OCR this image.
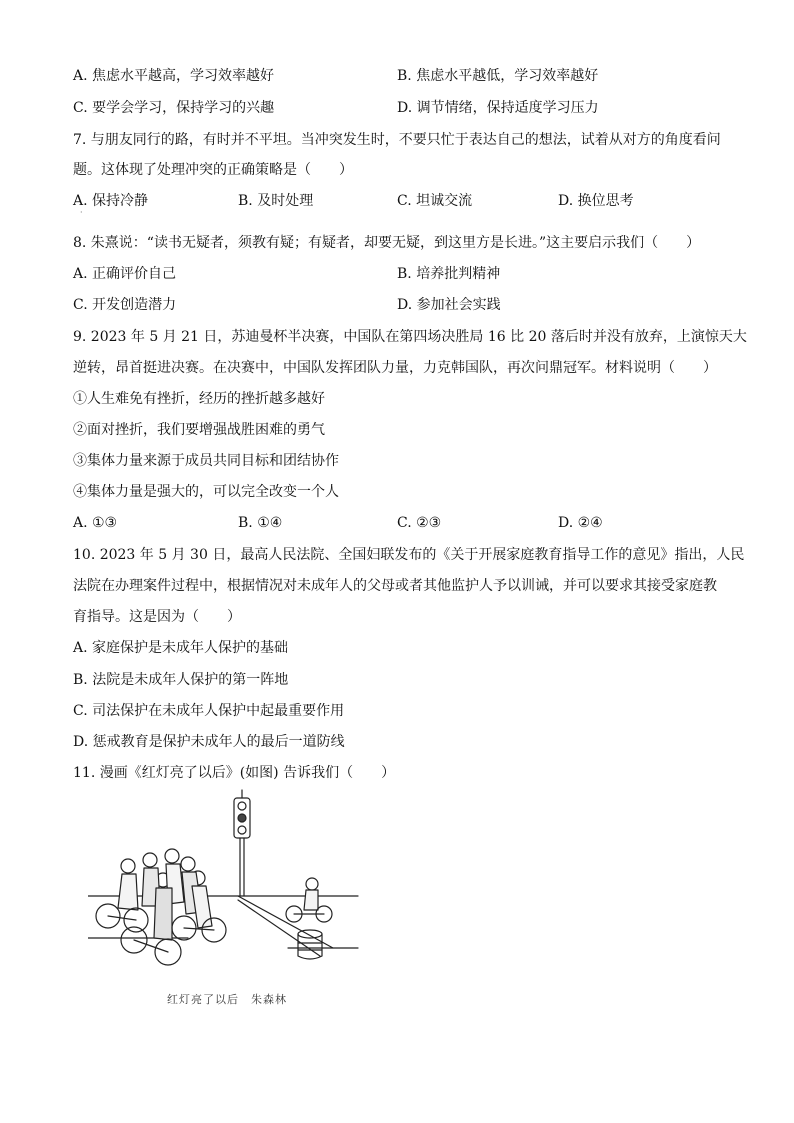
A. 焦虑水平越高，学习效率越好	B. 焦虑水平越低，学习效率越好
C. 要学会学习，保持学习的兴趣	D. 调节情绪，保持适度学习压力
7. 与朋友同行的路，有时并不平坦。当冲突发生时，不要只忙于表达自己的想法，试着从对方的角度看问
题。这体现了处理冲突的正确策略是（　　）
A. 保持冷静	B. 及时处理	C. 坦诚交流	D. 换位思考
·
8. 朱熹说：“读书无疑者，须教有疑；有疑者，却要无疑，到这里方是长进。”这主要启示我们（　　）
A. 正确评价自己	B. 培养批判精神
C. 开发创造潜力	D. 参加社会实践
9. 2023 年 5 月 21 日，苏迪曼杯半决赛，中国队在第四场决胜局 16 比 20 落后时并没有放弃，上演惊天大
逆转，昂首挺进决赛。在决赛中，中国队发挥团队力量，力克韩国队，再次问鼎冠军。材料说明（　　）
①人生难免有挫折，经历的挫折越多越好
②面对挫折，我们要增强战胜困难的勇气
③集体力量来源于成员共同目标和团结协作
④集体力量是强大的，可以完全改变一个人
A. ①③	B. ①④	C. ②③	D. ②④
10. 2023 年 5 月 30 日，最高人民法院、全国妇联发布的《关于开展家庭教育指导工作的意见》指出，人民
法院在办理案件过程中，根据情况对未成年人的父母或者其他监护人予以训诫，并可以要求其接受家庭教
育指导。这是因为（　　）
A. 家庭保护是未成年人保护的基础
B. 法院是未成年人保护的第一阵地
C. 司法保护在未成年人保护中起最重要作用
D. 惩戒教育是保护未成年人的最后一道防线
11. 漫画《红灯亮了以后》(如图) 告诉我们（　　）
红灯亮了以后　朱森林
